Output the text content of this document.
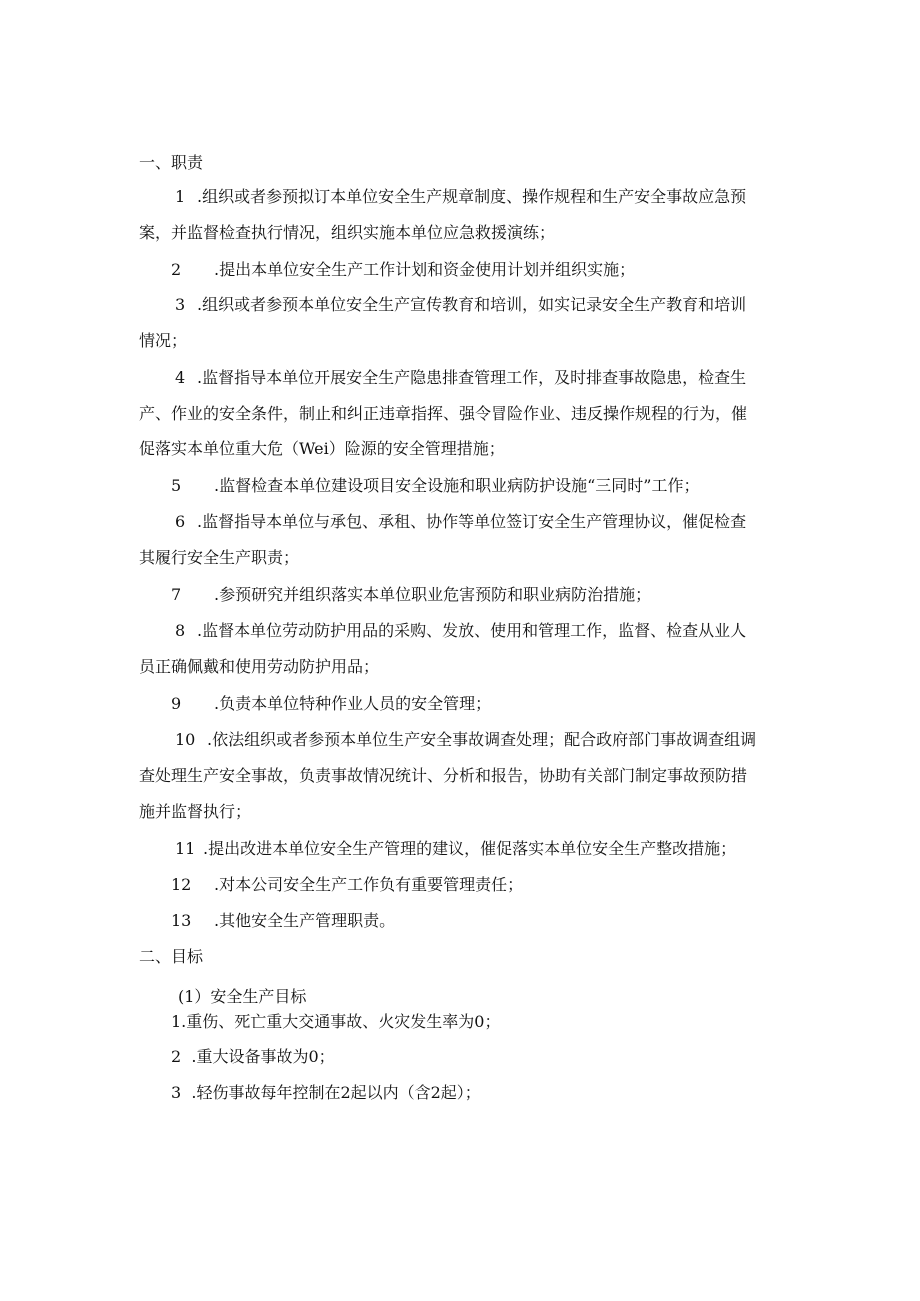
一、职责
1 .组织或者参预拟订本单位安全生产规章制度、操作规程和生产安全事故应急预
案，并监督检查执行情况，组织实施本单位应急救援演练；
2 .提出本单位安全生产工作计划和资金使用计划并组织实施；
3 .组织或者参预本单位安全生产宣传教育和培训，如实记录安全生产教育和培训
情况；
4 .监督指导本单位开展安全生产隐患排查管理工作，及时排查事故隐患，检查生
产、作业的安全条件，制止和纠正违章指挥、强令冒险作业、违反操作规程的行为，催
促落实本单位重大危（Wei）险源的安全管理措施；
5 .监督检查本单位建设项目安全设施和职业病防护设施“三同时”工作；
6 .监督指导本单位与承包、承租、协作等单位签订安全生产管理协议，催促检查
其履行安全生产职责；
7 .参预研究并组织落实本单位职业危害预防和职业病防治措施；
8 .监督本单位劳动防护用品的采购、发放、使用和管理工作，监督、检查从业人
员正确佩戴和使用劳动防护用品；
9 .负责本单位特种作业人员的安全管理；
10 .依法组织或者参预本单位生产安全事故调查处理；配合政府部门事故调查组调
查处理生产安全事故，负责事故情况统计、分析和报告，协助有关部门制定事故预防措
施并监督执行；
11 .提出改进本单位安全生产管理的建议，催促落实本单位安全生产整改措施；
12 .对本公司安全生产工作负有重要管理责任；
13 .其他安全生产管理职责。
二、目标
(1）安全生产目标
1.重伤、死亡重大交通事故、火灾发生率为0；
2  .重大设备事故为0；
3  .轻伤事故每年控制在2起以内（含2起）；
